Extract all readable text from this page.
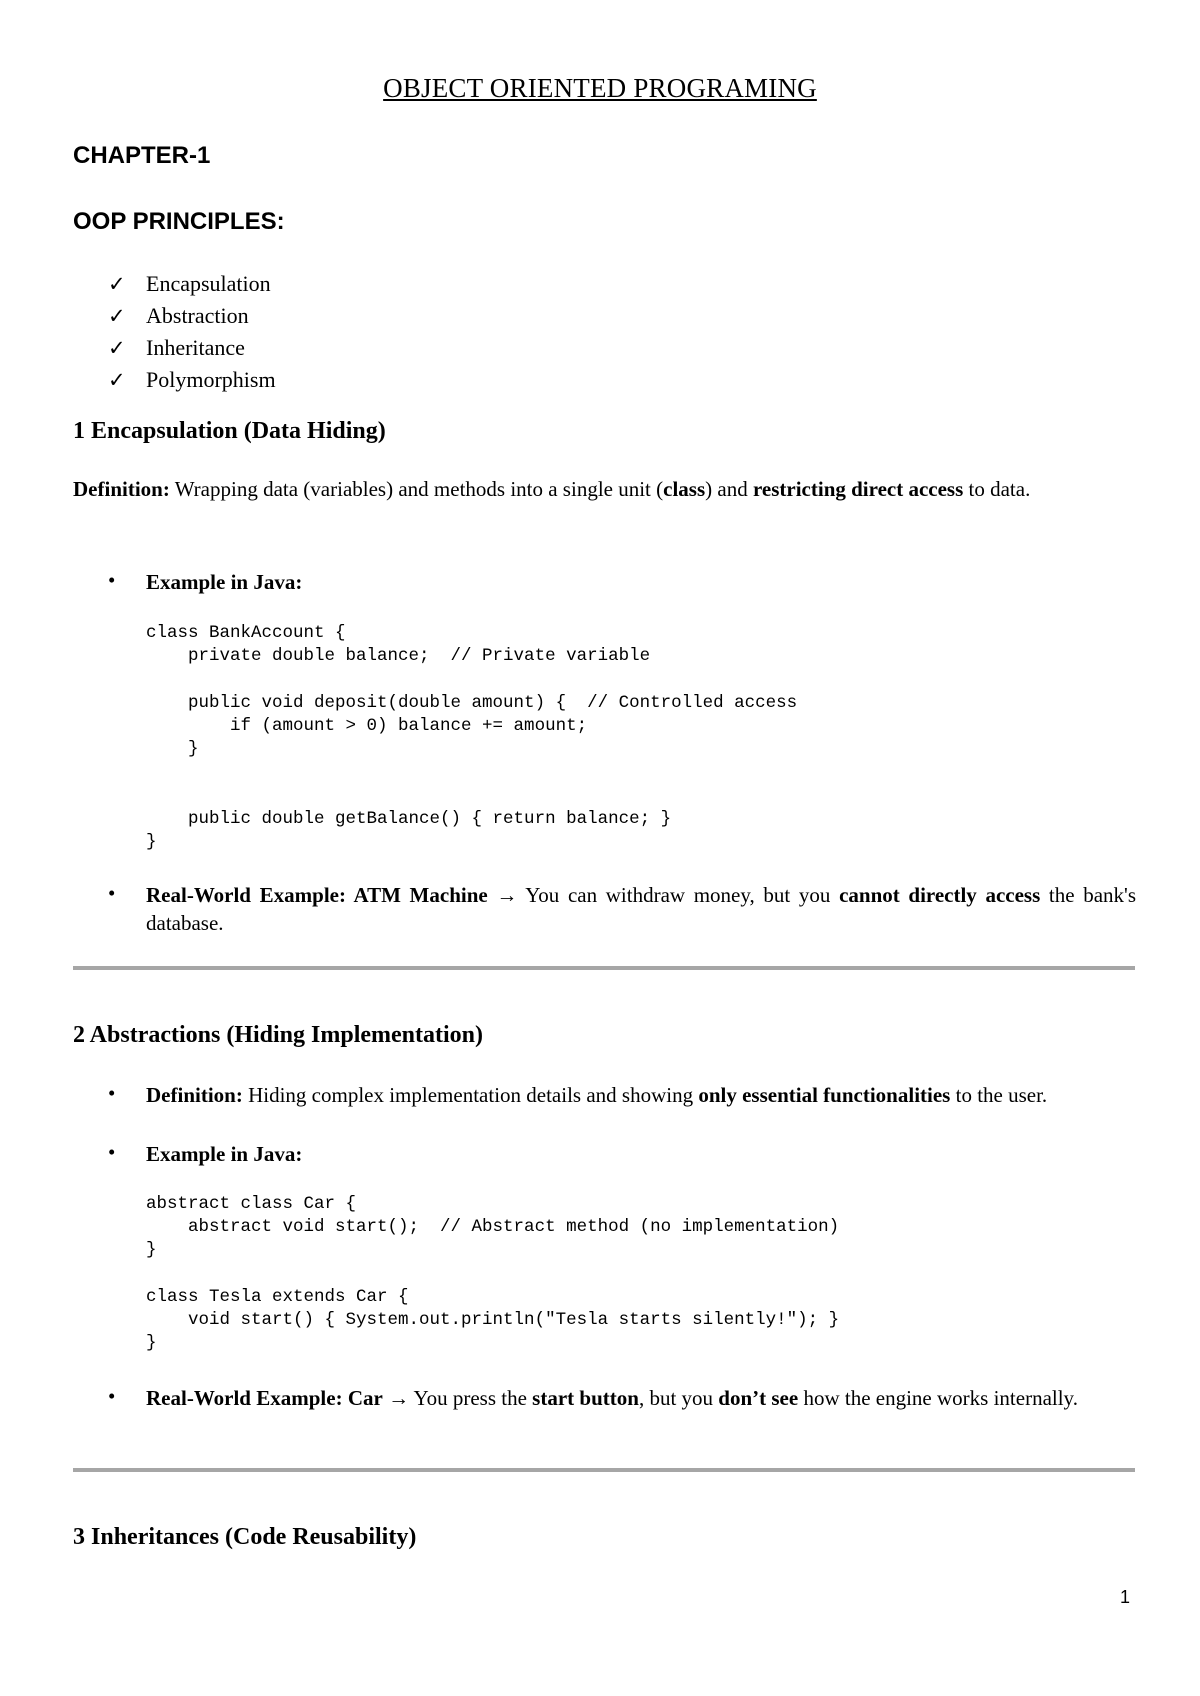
OBJECT ORIENTED PROGRAMING
CHAPTER-1
OOP PRINCIPLES:
✓ Encapsulation
✓ Abstraction
✓ Inheritance
✓ Polymorphism
1 Encapsulation (Data Hiding)
Definition: Wrapping data (variables) and methods into a single unit (class) and restricting direct access to data.
• Example in Java:
class BankAccount {
private double balance;  // Private variable

public void deposit(double amount) {  // Controlled access
if (amount > 0) balance += amount;
}

public double getBalance() { return balance; }
}
• Real-World Example: ATM Machine → You can withdraw money, but you cannot directly access the bank's database.
2 Abstractions (Hiding Implementation)
• Definition: Hiding complex implementation details and showing only essential functionalities to the user.
• Example in Java:
abstract class Car {
abstract void start();  // Abstract method (no implementation)
}

class Tesla extends Car {
void start() { System.out.println("Tesla starts silently!"); }
}
• Real-World Example: Car → You press the start button, but you don’t see how the engine works internally.
3 Inheritances (Code Reusability)
1
